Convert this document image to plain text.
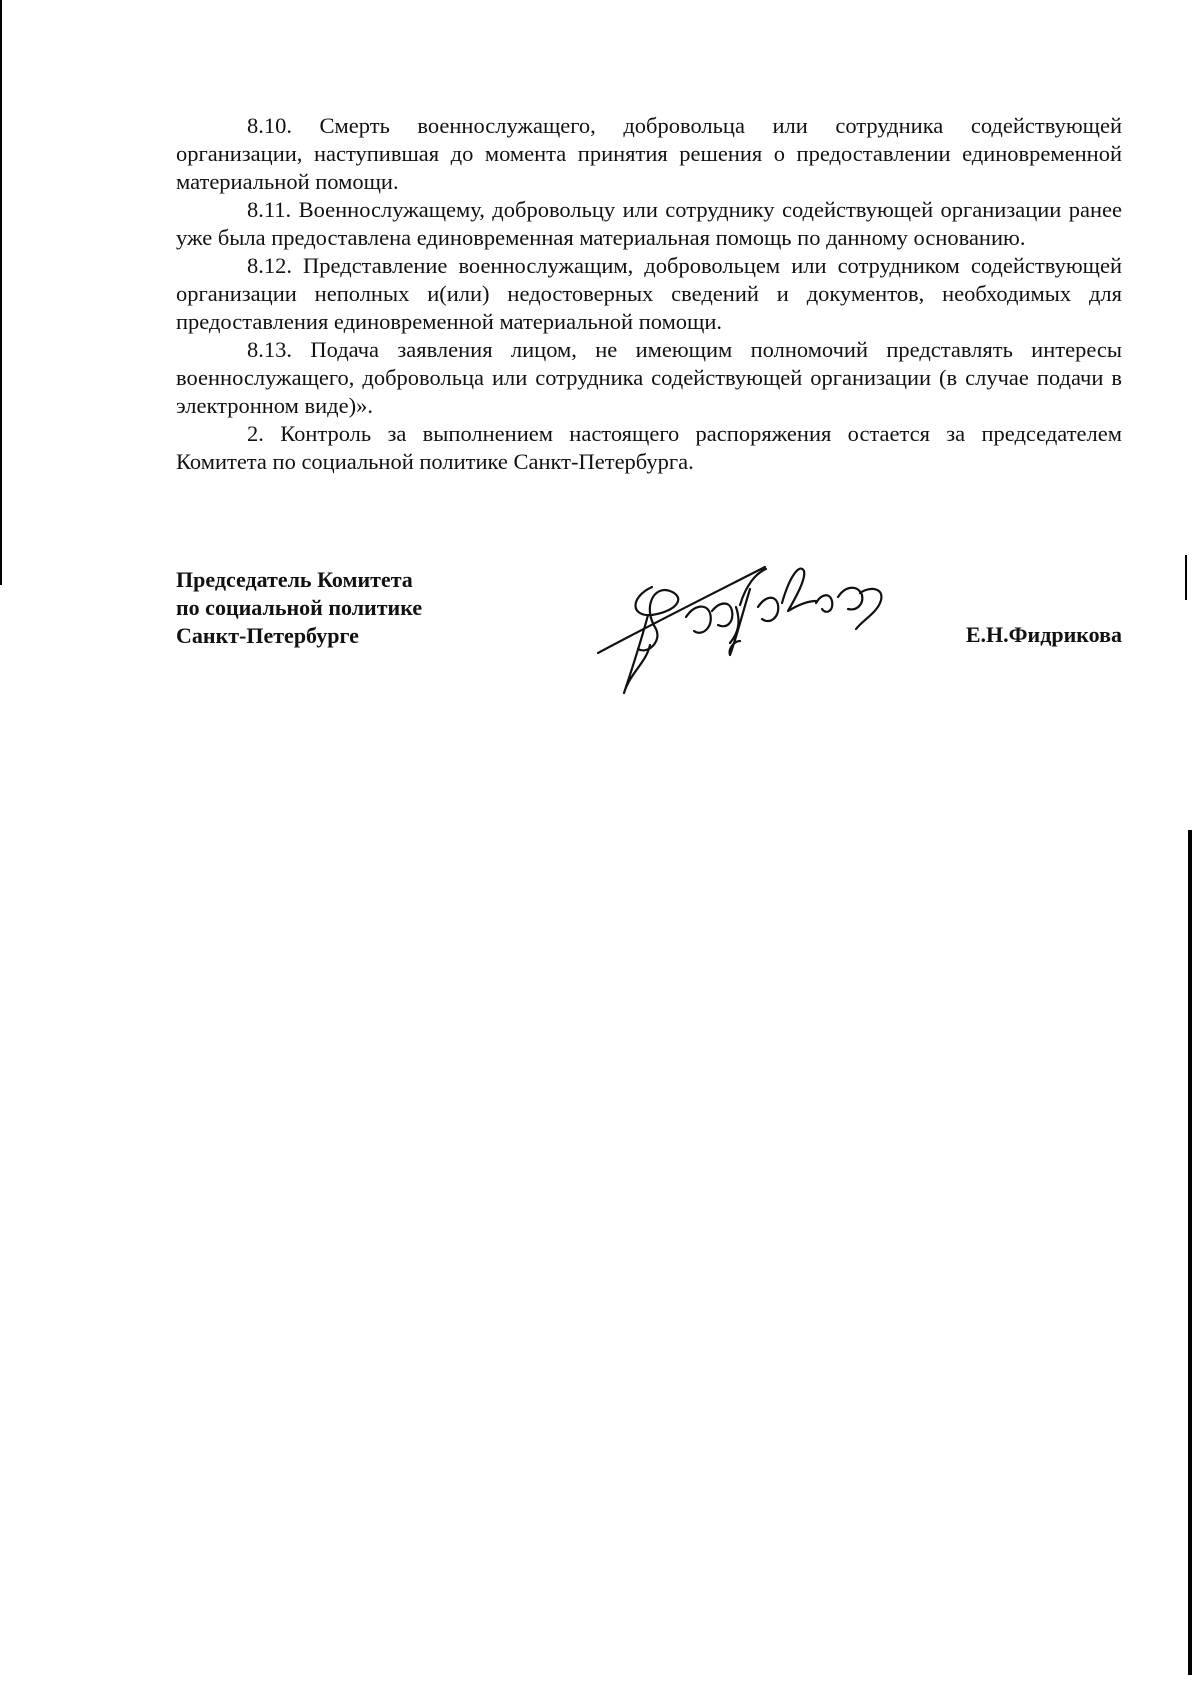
8.10. Смерть военнослужащего, добровольца или сотрудника содействующей организации, наступившая до момента принятия решения о предоставлении единовременной материальной помощи.

8.11. Военнослужащему, добровольцу или сотруднику содействующей организации ранее уже была предоставлена единовременная материальная помощь по данному основанию.

8.12. Представление военнослужащим, добровольцем или сотрудником содействующей организации неполных и(или) недостоверных сведений и документов, необходимых для предоставления единовременной материальной помощи.

8.13. Подача заявления лицом, не имеющим полномочий представлять интересы военнослужащего, добровольца или сотрудника содействующей организации (в случае подачи в электронном виде)».

2. Контроль за выполнением настоящего распоряжения остается за председателем Комитета по социальной политике Санкт-Петербурга.

Председатель Комитета
по социальной политике
Санкт-Петербурге	Е.Н.Фидрикова
